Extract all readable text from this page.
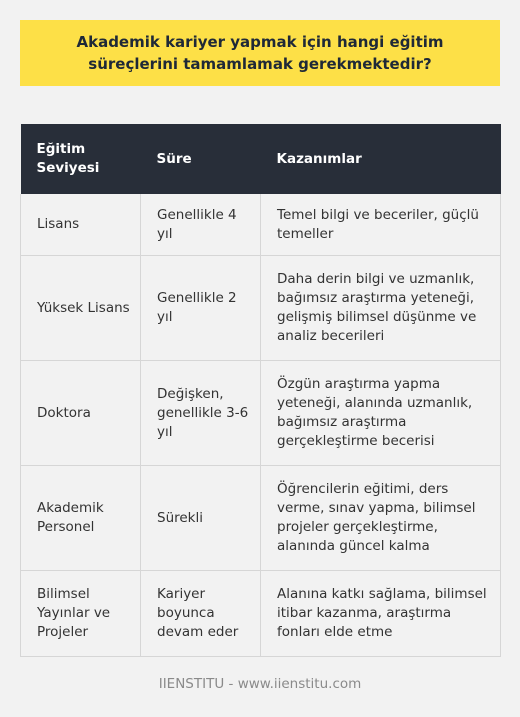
Akademik kariyer yapmak için hangi eğitim süreçlerini tamamlamak gerekmektedir?
Eğitim Seviyesi	Süre	Kazanımlar
Lisans	Genellikle 4 yıl	Temel bilgi ve beceriler, güçlü temeller
Yüksek Lisans	Genellikle 2 yıl	Daha derin bilgi ve uzmanlık, bağımsız araştırma yeteneği, gelişmiş bilimsel düşünme ve analiz becerileri
Doktora	Değişken, genellikle 3-6 yıl	Özgün araştırma yapma yeteneği, alanında uzmanlık, bağımsız araştırma gerçekleştirme becerisi
Akademik Personel	Sürekli	Öğrencilerin eğitimi, ders verme, sınav yapma, bilimsel projeler gerçekleştirme, alanında güncel kalma
Bilimsel Yayınlar ve Projeler	Kariyer boyunca devam eder	Alanına katkı sağlama, bilimsel itibar kazanma, araştırma fonları elde etme
IIENSTITU - www.iienstitu.com
